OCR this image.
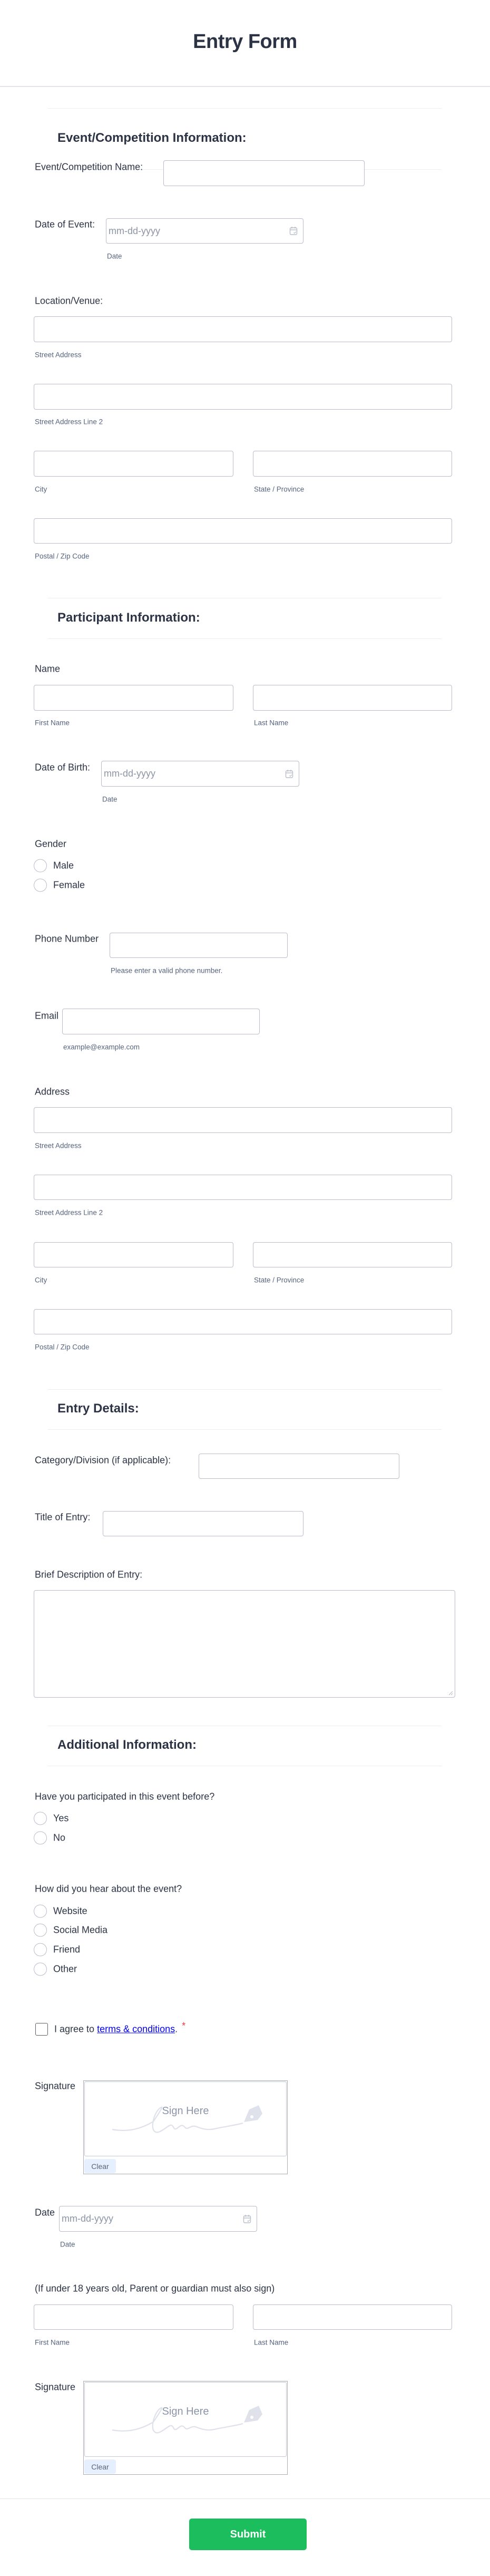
Entry Form
Event/Competition Information:
Event/Competition Name:
Date of Event:
mm-dd-yyyy
Date
Location/Venue:
Street Address
Street Address Line 2
City	State / Province
Postal / Zip Code
Participant Information:
Name
First Name	Last Name
Date of Birth:
mm-dd-yyyy
Date
Gender
Male
Female
Phone Number
Please enter a valid phone number.
Email
example@example.com
Address
Street Address
Street Address Line 2
City	State / Province
Postal / Zip Code
Entry Details:
Category/Division (if applicable):
Title of Entry:
Brief Description of Entry:
Additional Information:
Have you participated in this event before?
Yes
No
How did you hear about the event?
Website
Social Media
Friend
Other
I agree to terms & conditions. *
Signature
Sign Here
Clear
Date
mm-dd-yyyy
Date
(If under 18 years old, Parent or guardian must also sign)
First Name	Last Name
Signature
Sign Here
Clear
Submit
